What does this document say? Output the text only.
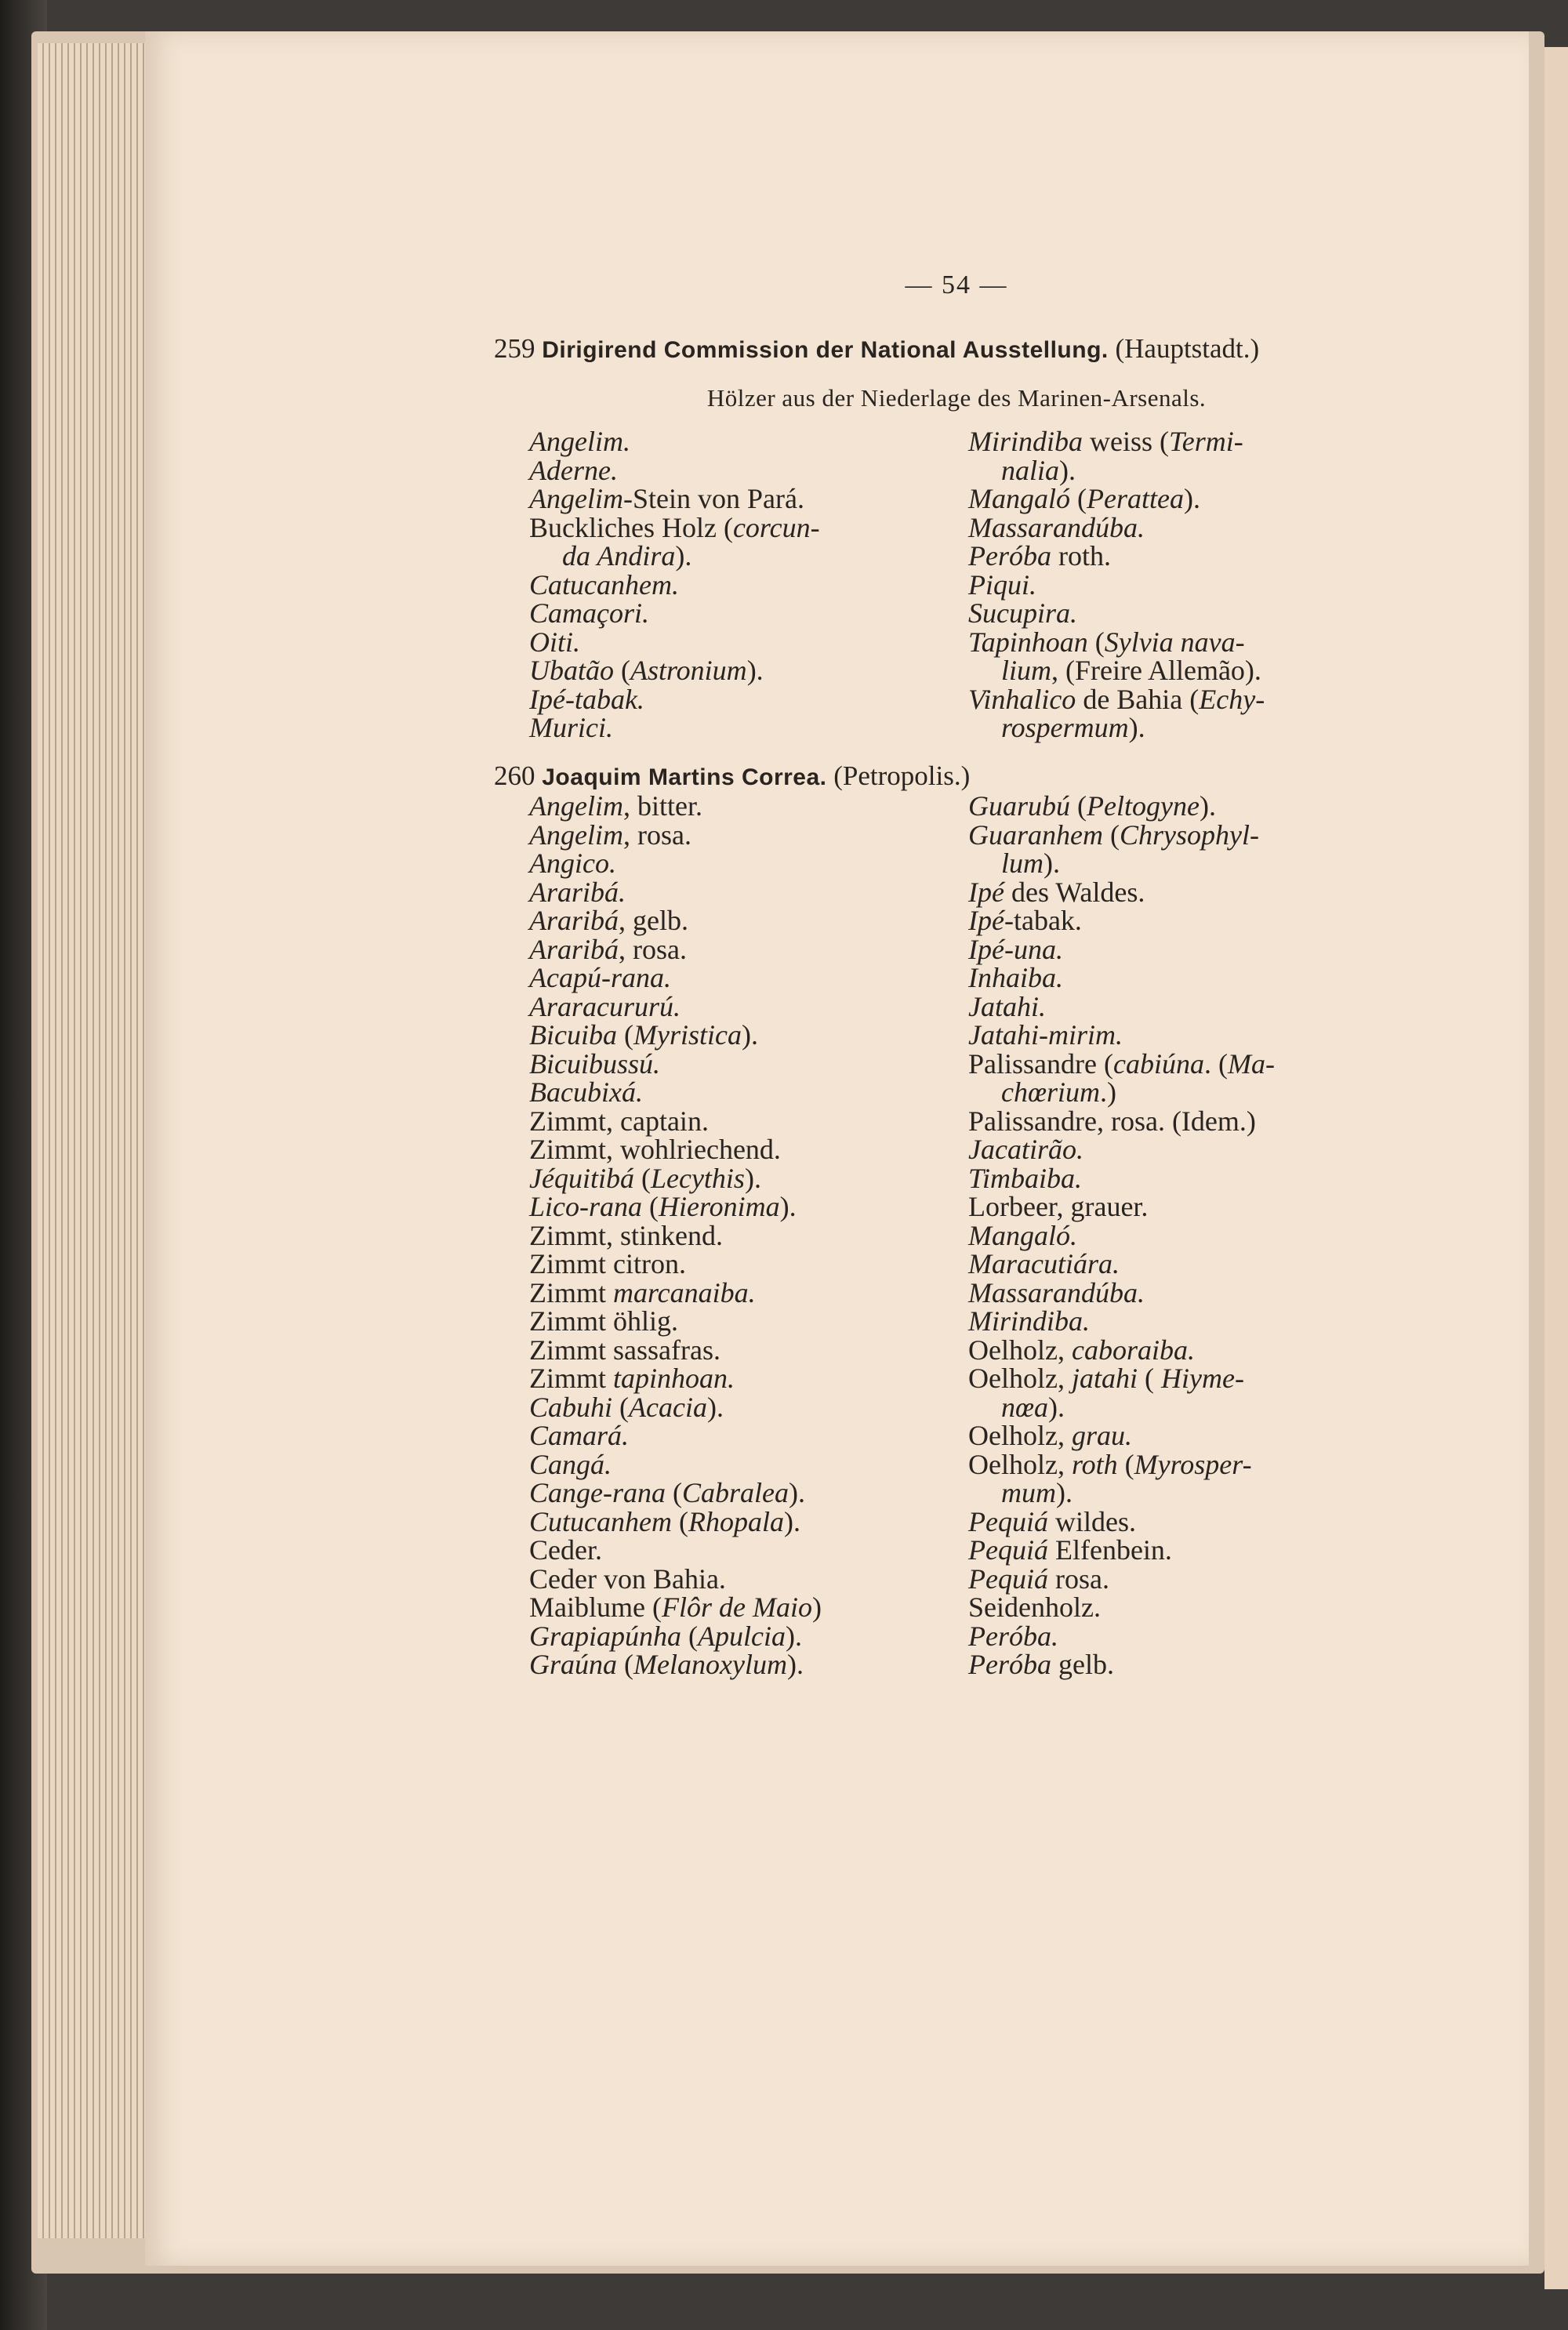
— 54 —
259 Dirigirend Commission der National Ausstellung. (Hauptstadt.)
Hölzer aus der Niederlage des Marinen-Arsenals.
Angelim.
Aderne.
Angelim-Stein von Pará.
Buckliches Holz (corcun-
da Andira).
Catucanhem.
Camaçori.
Oiti.
Ubatão (Astronium).
Ipé-tabak.
Murici.
Mirindiba weiss (Termi-
nalia).
Mangaló (Perattea).
Massarandúba.
Peróba roth.
Piqui.
Sucupira.
Tapinhoan (Sylvia nava-
lium, (Freire Allemão).
Vinhalico de Bahia (Echy-
rospermum).
260 Joaquim Martins Correa. (Petropolis.)
Angelim, bitter.
Angelim, rosa.
Angico.
Araribá.
Araribá, gelb.
Araribá, rosa.
Acapú-rana.
Araracururú.
Bicuiba (Myristica).
Bicuibussú.
Bacubixá.
Zimmt, captain.
Zimmt, wohlriechend.
Jéquitibá (Lecythis).
Lico-rana (Hieronima).
Zimmt, stinkend.
Zimmt citron.
Zimmt marcanaiba.
Zimmt öhlig.
Zimmt sassafras.
Zimmt tapinhoan.
Cabuhi (Acacia).
Camará.
Cangá.
Cange-rana (Cabralea).
Cutucanhem (Rhopala).
Ceder.
Ceder von Bahia.
Maiblume (Flôr de Maio)
Grapiapúnha (Apulcia).
Graúna (Melanoxylum).
Guarubú (Peltogyne).
Guaranhem (Chrysophyl-
lum).
Ipé des Waldes.
Ipé-tabak.
Ipé-una.
Inhaiba.
Jatahi.
Jatahi-mirim.
Palissandre (cabiúna. (Ma-
chœrium.)
Palissandre, rosa. (Idem.)
Jacatirão.
Timbaiba.
Lorbeer, grauer.
Mangaló.
Maracutiára.
Massarandúba.
Mirindiba.
Oelholz, caboraiba.
Oelholz, jatahi ( Hiyme-
nœa).
Oelholz, grau.
Oelholz, roth (Myrosper-
mum).
Pequiá wildes.
Pequiá Elfenbein.
Pequiá rosa.
Seidenholz.
Peróba.
Peróba gelb.
